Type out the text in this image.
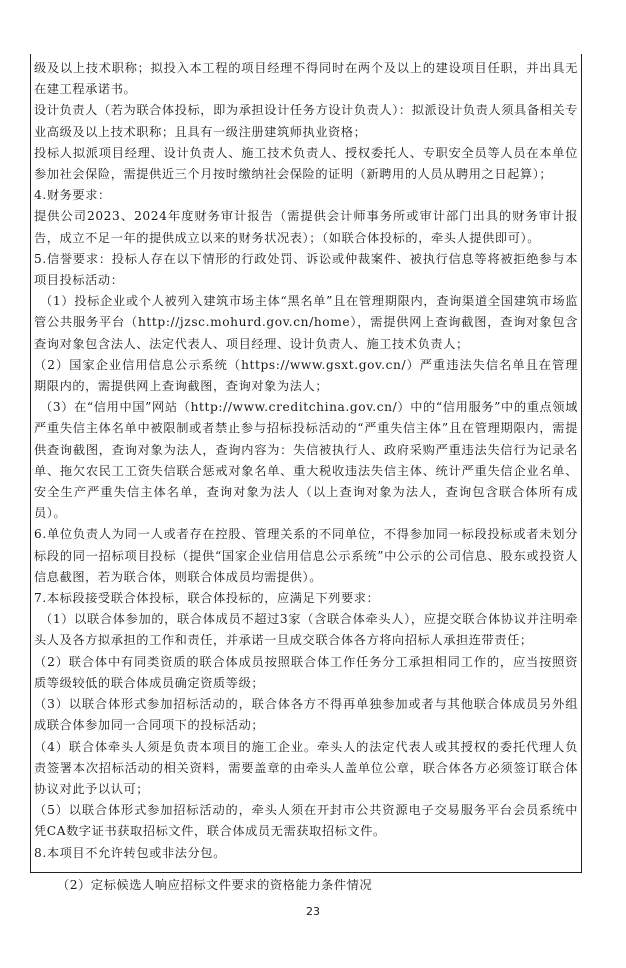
级及以上技术职称；拟投入本工程的项目经理不得同时在两个及以上的建设项目任职，并出具无在建工程承诺书。

设计负责人（若为联合体投标，即为承担设计任务方设计负责人）：拟派设计负责人须具备相关专业高级及以上技术职称；且具有一级注册建筑师执业资格；

投标人拟派项目经理、设计负责人、施工技术负责人、授权委托人、专职安全员等人员在本单位参加社会保险，需提供近三个月按时缴纳社会保险的证明（新聘用的人员从聘用之日起算）；

4.财务要求：

提供公司2023、2024年度财务审计报告（需提供会计师事务所或审计部门出具的财务审计报告，成立不足一年的提供成立以来的财务状况表）；（如联合体投标的，牵头人提供即可）。

5.信誉要求：投标人存在以下情形的行政处罚、诉讼或仲裁案件、被执行信息等将被拒绝参与本项目投标活动：

（1）投标企业或个人被列入建筑市场主体“黑名单”且在管理期限内，查询渠道全国建筑市场监管公共服务平台（http://jzsc.mohurd.gov.cn/home），需提供网上查询截图，查询对象包含查询对象包含法人、法定代表人、项目经理、设计负责人、施工技术负责人；

（2）国家企业信用信息公示系统（https://www.gsxt.gov.cn/）严重违法失信名单且在管理期限内的，需提供网上查询截图，查询对象为法人；

（3）在“信用中国”网站（http://www.creditchina.gov.cn/）中的“信用服务”中的重点领域严重失信主体名单中被限制或者禁止参与招标投标活动的“严重失信主体”且在管理期限内，需提供查询截图，查询对象为法人，查询内容为：失信被执行人、政府采购严重违法失信行为记录名单、拖欠农民工工资失信联合惩戒对象名单、重大税收违法失信主体、统计严重失信企业名单、安全生产严重失信主体名单，查询对象为法人（以上查询对象为法人，查询包含联合体所有成员）。

6.单位负责人为同一人或者存在控股、管理关系的不同单位，不得参加同一标段投标或者未划分标段的同一招标项目投标（提供“国家企业信用信息公示系统”中公示的公司信息、股东或投资人信息截图，若为联合体，则联合体成员均需提供）。

7.本标段接受联合体投标，联合体投标的，应满足下列要求：

（1）以联合体参加的，联合体成员不超过3家（含联合体牵头人），应提交联合体协议并注明牵头人及各方拟承担的工作和责任，并承诺一旦成交联合体各方将向招标人承担连带责任；

（2）联合体中有同类资质的联合体成员按照联合体工作任务分工承担相同工作的，应当按照资质等级较低的联合体成员确定资质等级；

（3）以联合体形式参加招标活动的，联合体各方不得再单独参加或者与其他联合体成员另外组成联合体参加同一合同项下的投标活动；

（4）联合体牵头人须是负责本项目的施工企业。牵头人的法定代表人或其授权的委托代理人负责签署本次招标活动的相关资料，需要盖章的由牵头人盖单位公章，联合体各方必须签订联合体协议对此予以认可；

（5）以联合体形式参加招标活动的，牵头人须在开封市公共资源电子交易服务平台会员系统中凭CA数字证书获取招标文件，联合体成员无需获取招标文件。

8.本项目不允许转包或非法分包。

（2）定标候选人响应招标文件要求的资格能力条件情况
23
